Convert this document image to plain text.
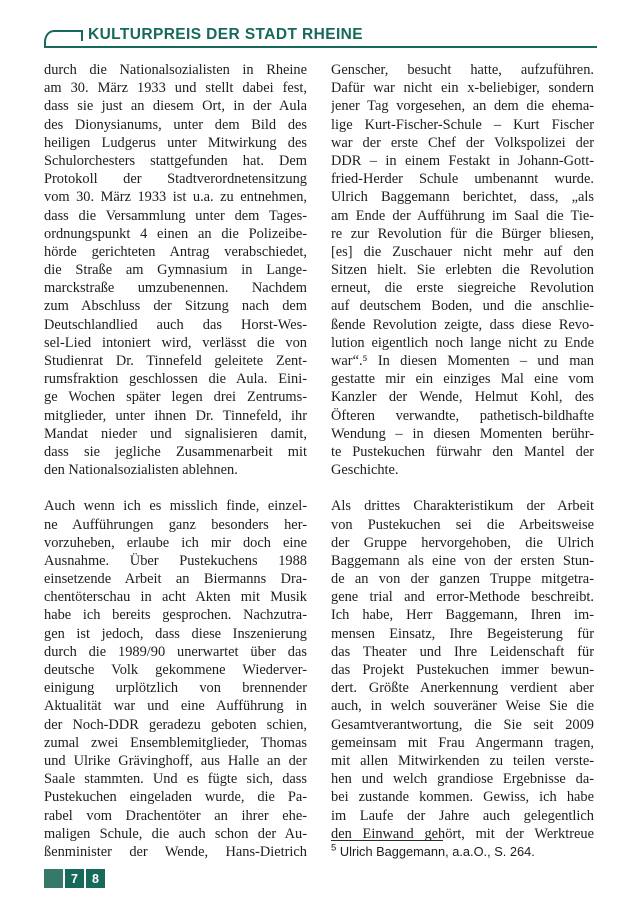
KULTURPREIS DER STADT RHEINE
durch die Nationalsozialisten in Rheine
am 30. März 1933 und stellt dabei fest,
dass sie just an diesem Ort, in der Aula
des Dionysianums, unter dem Bild des
heiligen Ludgerus unter Mitwirkung des
Schulorchesters stattgefunden hat. Dem
Protokoll der Stadtverordnetensitzung
vom 30. März 1933 ist u.a. zu entnehmen,
dass die Versammlung unter dem Tages-
ordnungspunkt 4 einen an die Polizeibe-
hörde gerichteten Antrag verabschiedet,
die Straße am Gymnasium in Lange-
marckstraße umzubenennen. Nachdem
zum Abschluss der Sitzung nach dem
Deutschlandlied auch das Horst-Wes-
sel-Lied intoniert wird, verlässt die von
Studienrat Dr. Tinnefeld geleitete Zent-
rumsfraktion geschlossen die Aula. Eini-
ge Wochen später legen drei Zentrums-
mitglieder, unter ihnen Dr. Tinnefeld, ihr
Mandat nieder und signalisieren damit,
dass sie jegliche Zusammenarbeit mit
den Nationalsozialisten ablehnen.
Auch wenn ich es misslich finde, einzel-
ne Aufführungen ganz besonders her-
vorzuheben, erlaube ich mir doch eine
Ausnahme. Über Pustekuchens 1988
einsetzende Arbeit an Biermanns Dra-
chentöterschau in acht Akten mit Musik
habe ich bereits gesprochen. Nachzutra-
gen ist jedoch, dass diese Inszenierung
durch die 1989/90 unerwartet über das
deutsche Volk gekommene Wiederver-
einigung urplötzlich von brennender
Aktualität war und eine Aufführung in
der Noch-DDR geradezu geboten schien,
zumal zwei Ensemblemitglieder, Thomas
und Ulrike Grävinghoff, aus Halle an der
Saale stammten. Und es fügte sich, dass
Pustekuchen eingeladen wurde, die Pa-
rabel vom Drachentöter an ihrer ehe-
maligen Schule, die auch schon der Au-
ßenminister der Wende, Hans-Dietrich
Genscher, besucht hatte, aufzuführen.
Dafür war nicht ein x-beliebiger, sondern
jener Tag vorgesehen, an dem die ehema-
lige Kurt-Fischer-Schule – Kurt Fischer
war der erste Chef der Volkspolizei der
DDR – in einem Festakt in Johann-Gott-
fried-Herder Schule umbenannt wurde.
Ulrich Baggemann berichtet, dass, „als
am Ende der Aufführung im Saal die Tie-
re zur Revolution für die Bürger bliesen,
[es] die Zuschauer nicht mehr auf den
Sitzen hielt. Sie erlebten die Revolution
erneut, die erste siegreiche Revolution
auf deutschem Boden, und die anschlie-
ßende Revolution zeigte, dass diese Revo-
lution eigentlich noch lange nicht zu Ende
war“.⁵ In diesen Momenten – und man
gestatte mir ein einziges Mal eine vom
Kanzler der Wende, Helmut Kohl, des
Öfteren verwandte, pathetisch-bildhafte
Wendung – in diesen Momenten berühr-
te Pustekuchen fürwahr den Mantel der
Geschichte.
Als drittes Charakteristikum der Arbeit
von Pustekuchen sei die Arbeitsweise
der Gruppe hervorgehoben, die Ulrich
Baggemann als eine von der ersten Stun-
de an von der ganzen Truppe mitgetra-
gene trial and error-Methode beschreibt.
Ich habe, Herr Baggemann, Ihren im-
mensen Einsatz, Ihre Begeisterung für
das Theater und Ihre Leidenschaft für
das Projekt Pustekuchen immer bewun-
dert. Größte Anerkennung verdient aber
auch, in welch souveräner Weise Sie die
Gesamtverantwortung, die Sie seit 2009
gemeinsam mit Frau Angermann tragen,
mit allen Mitwirkenden zu teilen verste-
hen und welch grandiose Ergebnisse da-
bei zustande kommen. Gewiss, ich habe
im Laufe der Jahre auch gelegentlich
den Einwand gehört, mit der Werktreue
$^5$ Ulrich Baggemann, a.a.O., S. 264.
7	8
